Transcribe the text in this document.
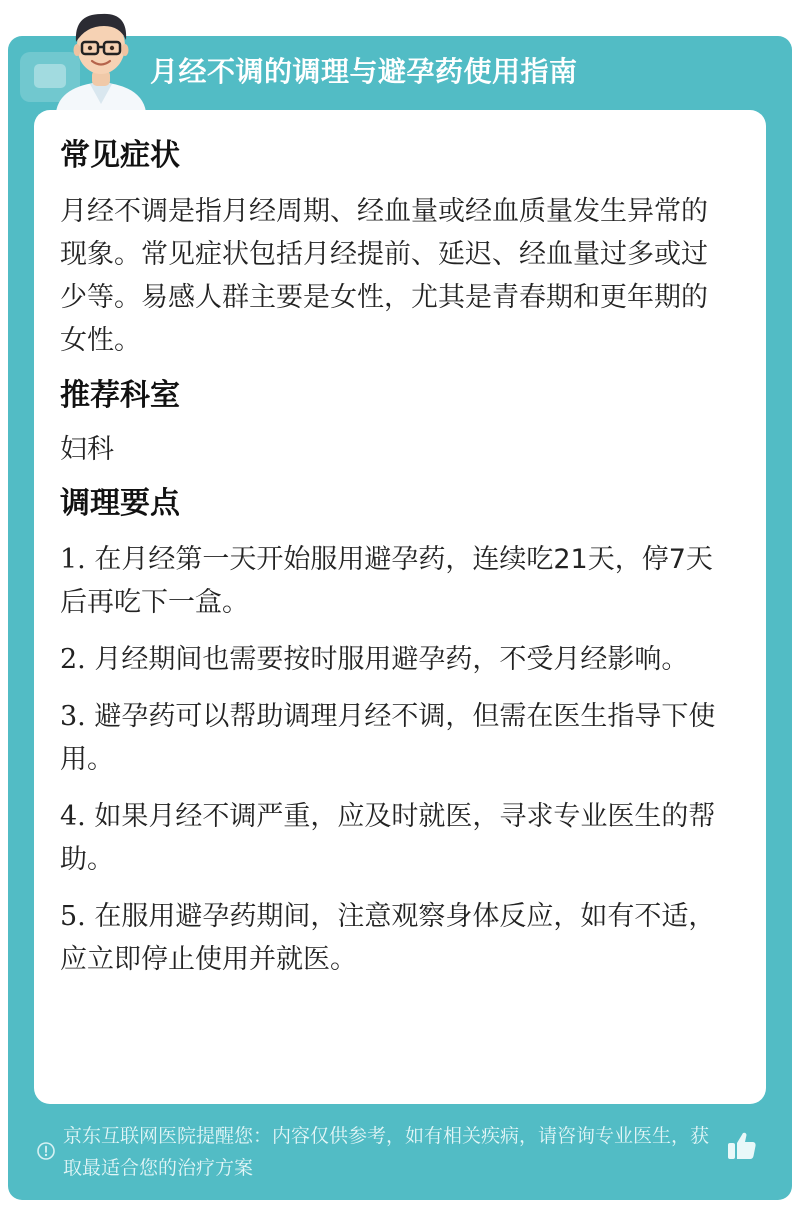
月经不调的调理与避孕药使用指南
常见症状
月经不调是指月经周期、经血量或经血质量发生异常的现象。常见症状包括月经提前、延迟、经血量过多或过少等。易感人群主要是女性，尤其是青春期和更年期的女性。
推荐科室
妇科
调理要点
1. 在月经第一天开始服用避孕药，连续吃21天，停7天后再吃下一盒。
2. 月经期间也需要按时服用避孕药，不受月经影响。
3. 避孕药可以帮助调理月经不调，但需在医生指导下使用。
4. 如果月经不调严重，应及时就医，寻求专业医生的帮助。
5. 在服用避孕药期间，注意观察身体反应，如有不适，应立即停止使用并就医。
京东互联网医院提醒您：内容仅供参考，如有相关疾病，请咨询专业医生，获取最适合您的治疗方案
